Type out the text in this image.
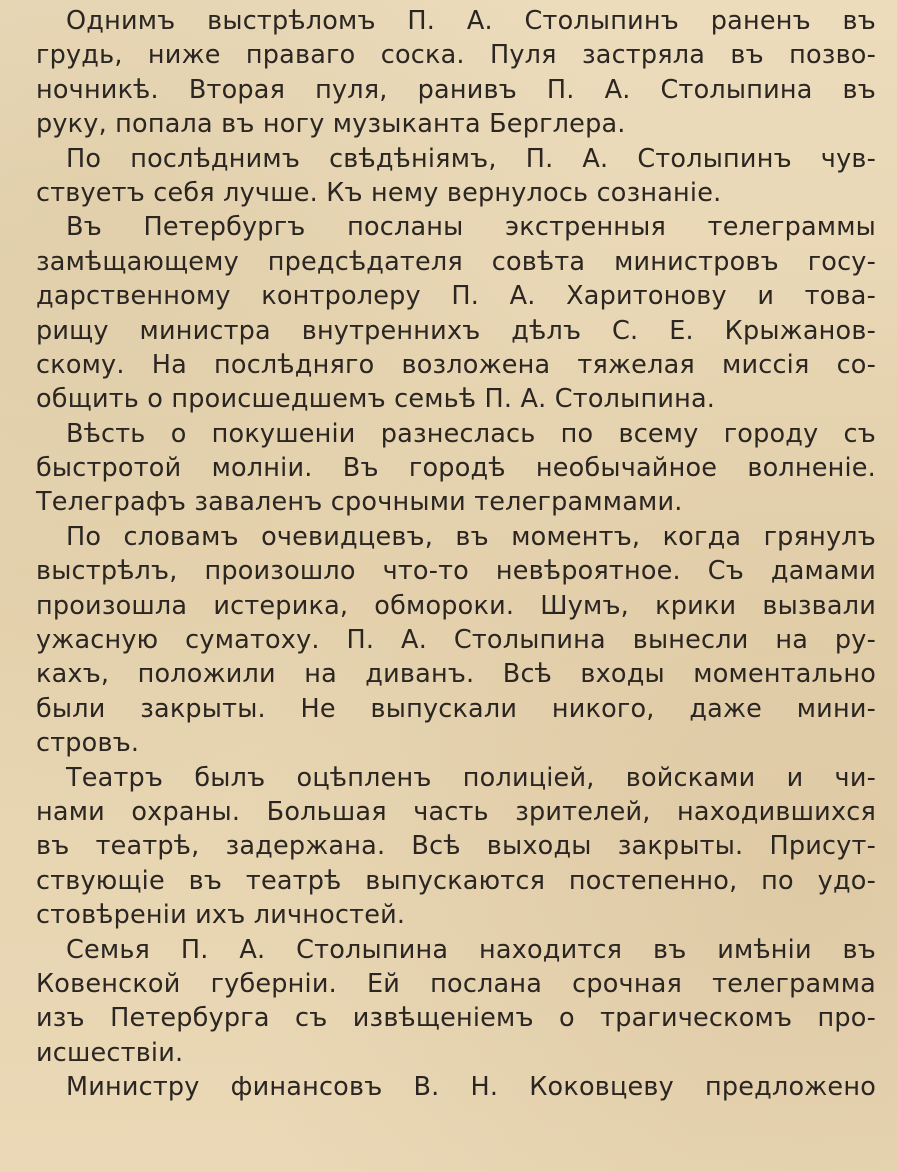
Однимъ выстрѣломъ П. А. Столыпинъ раненъ въ
грудь, ниже праваго соска. Пуля застряла въ позво-
ночникѣ. Вторая пуля, ранивъ П. А. Столыпина въ
руку, попала въ ногу музыканта Берглера.
По послѣднимъ свѣдѣніямъ, П. А. Столыпинъ чув-
ствуетъ себя лучше. Къ нему вернулось сознаніе.
Въ Петербургъ посланы экстренныя телеграммы
замѣщающему предсѣдателя совѣта министровъ госу-
дарственному контролеру П. А. Харитонову и това-
рищу министра внутреннихъ дѣлъ С. Е. Крыжанов-
скому. На послѣдняго возложена тяжелая миссія со-
общить о происшедшемъ семьѣ П. А. Столыпина.
Вѣсть о покушеніи разнеслась по всему городу съ
быстротой молніи. Въ городѣ необычайное волненіе.
Телеграфъ заваленъ срочными телеграммами.
По словамъ очевидцевъ, въ моментъ, когда грянулъ
выстрѣлъ, произошло что-то невѣроятное. Съ дамами
произошла истерика, обмороки. Шумъ, крики вызвали
ужасную суматоху. П. А. Столыпина вынесли на ру-
кахъ, положили на диванъ. Всѣ входы моментально
были закрыты. Не выпускали никого, даже мини-
стровъ.
Театръ былъ оцѣпленъ полиціей, войсками и чи-
нами охраны. Большая часть зрителей, находившихся
въ театрѣ, задержана. Всѣ выходы закрыты. Присут-
ствующіе въ театрѣ выпускаются постепенно, по удо-
стовѣреніи ихъ личностей.
Семья П. А. Столыпина находится въ имѣніи въ
Ковенской губерніи. Ей послана срочная телеграмма
изъ Петербурга съ извѣщеніемъ о трагическомъ про-
исшествіи.
Министру финансовъ В. Н. Коковцеву предложено
